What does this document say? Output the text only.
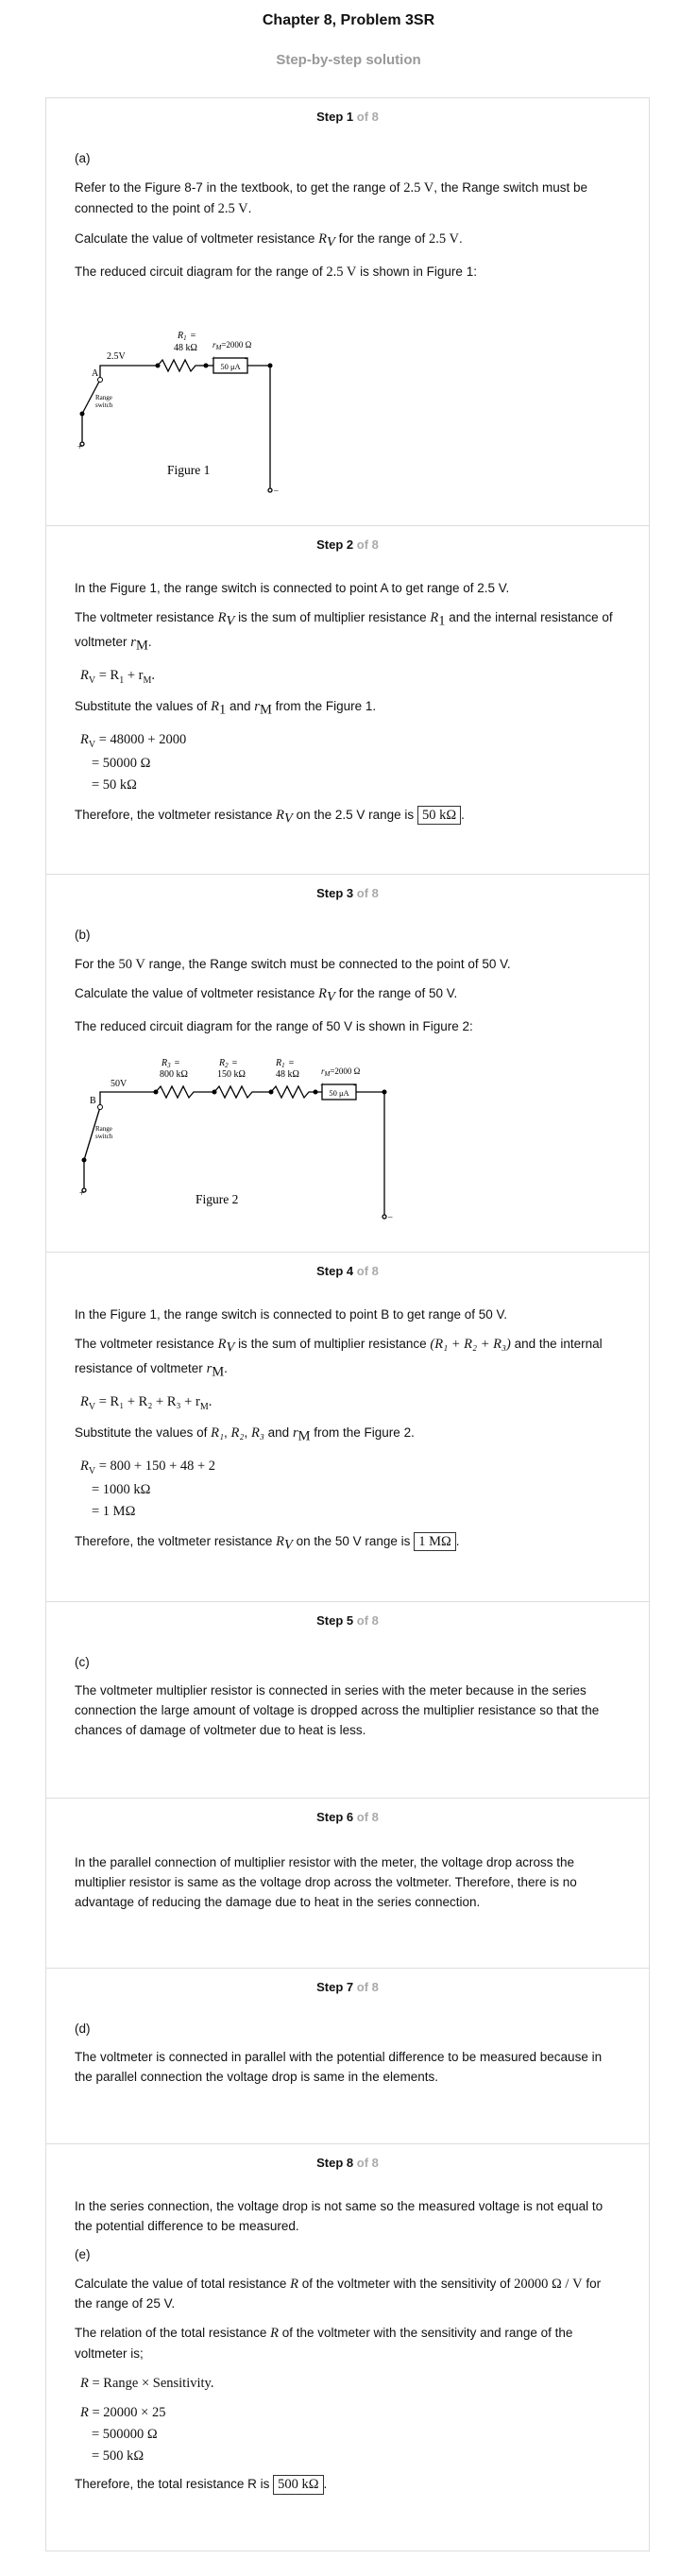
Chapter 8, Problem 3SR
Step-by-step solution
Step 1 of 8

(a)

Refer to the Figure 8-7 in the textbook, to get the range of 2.5 V, the Range switch must be connected to the point of 2.5 V.

Calculate the value of voltmeter resistance $R_V$ for the range of 2.5 V.

The reduced circuit diagram for the range of 2.5 V is shown in Figure 1:

$R_1$ =
48 kΩ $r_M=2000$ Ω
50 μA
+	-
2.5V
A
Range
switch
+
–
Figure 1
Step 2 of 8

In the Figure 1, the range switch is connected to point A to get range of 2.5 V.

The voltmeter resistance $R_V$ is the sum of multiplier resistance $R_1$ and the internal resistance of voltmeter $r_M$.

$R_V = R_1 + r_M$.

Substitute the values of $R_1$ and $r_M$ from the Figure 1.

$R_V = 48000 + 2000$
= 50000 Ω
= 50 kΩ

Therefore, the voltmeter resistance $R_V$ on the 2.5 V range is 50 kΩ .

Step 3 of 8

(b)

For the 50 V range, the Range switch must be connected to the point of 50 V.

Calculate the value of voltmeter resistance $R_V$ for the range of 50 V.

The reduced circuit diagram for the range of 50 V is shown in Figure 2:

$R_3$ =
800 kΩ
$R_2$ =
150 kΩ
$R_1$ =
48 kΩ	$r_M=2000$ Ω
50 μA
+	-
50V
B
Range
switch
+
–
Figure 2
Step 4 of 8

In the Figure 1, the range switch is connected to point B to get range of 50 V.

The voltmeter resistance $R_V$ is the sum of multiplier resistance (R₁ + R₂ + R₃) and the internal resistance of voltmeter $r_M$.

$R_V = R_1 + R_2 + R_3 + r_M$.

Substitute the values of R₁, R₂, R₃ and $r_M$ from the Figure 2.

$R_V = 800 + 150 + 48 + 2$
= 1000 kΩ
= 1 MΩ

Therefore, the voltmeter resistance $R_V$ on the 50 V range is 1 MΩ .

Step 5 of 8

(c)

The voltmeter multiplier resistor is connected in series with the meter because in the series connection the large amount of voltage is dropped across the multiplier resistance so that the chances of damage of voltmeter due to heat is less.

Step 6 of 8

In the parallel connection of multiplier resistor with the meter, the voltage drop across the multiplier resistor is same as the voltage drop across the voltmeter. Therefore, there is no advantage of reducing the damage due to heat in the series connection.

Step 7 of 8

(d)

The voltmeter is connected in parallel with the potential difference to be measured because in the parallel connection the voltage drop is same in the elements.

Step 8 of 8

In the series connection, the voltage drop is not same so the measured voltage is not equal to the potential difference to be measured.

(e)

Calculate the value of total resistance R of the voltmeter with the sensitivity of 20000 Ω / V for the range of 25 V.

The relation of the total resistance R of the voltmeter with the sensitivity and range of the voltmeter is;

R = Range × Sensitivity.
R = 20000 × 25
= 500000 Ω
= 500 kΩ

Therefore, the total resistance R is 500 kΩ .
